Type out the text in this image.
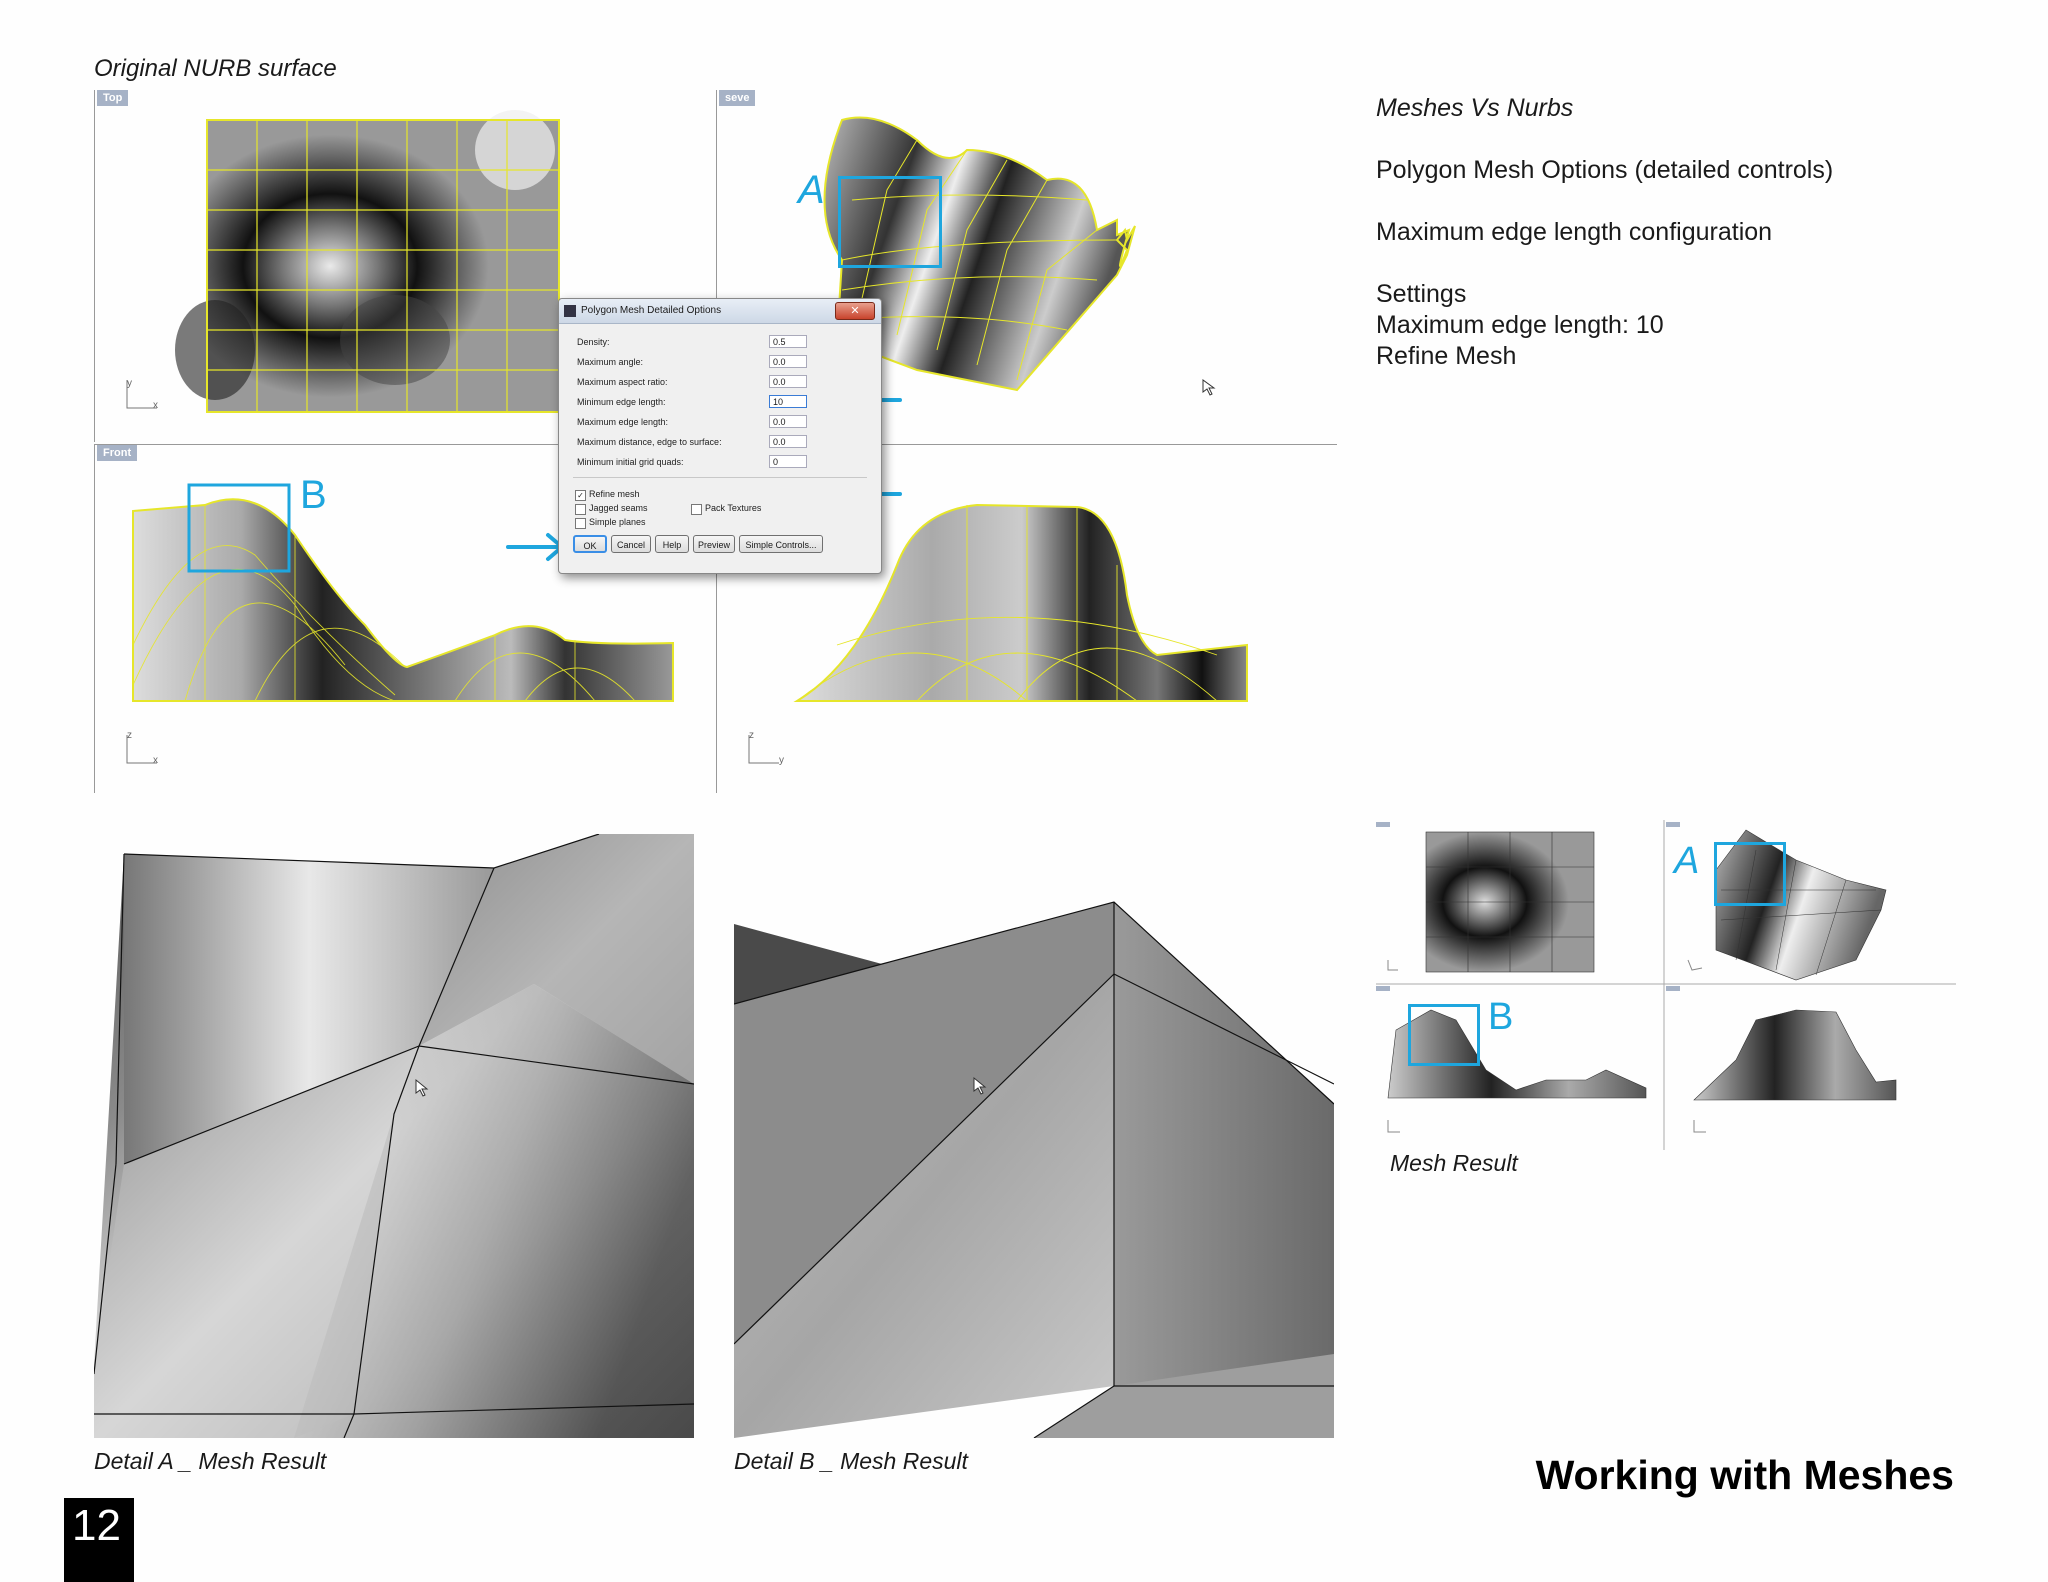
Original NURB surface
Top
y
x
seve
Front
B
z
x
z
y
A
Polygon Mesh Detailed Options	✕
Density:	0.5
Maximum angle:	0.0
Maximum aspect ratio:	0.0
Minimum edge length:	10
Maximum edge length:	0.0
Maximum distance, edge to surface:	0.0
Minimum initial grid quads:	0
✓ Refine mesh
Jagged seams
Simple planes
Pack Textures
OK	Cancel	Help	Preview	Simple Controls...
Meshes Vs Nurbs
Polygon Mesh Options (detailed controls)
Maximum edge length configuration
Settings
Maximum edge length: 10
Refine Mesh
Detail A _ Mesh Result	Detail B _ Mesh Result
A
B
Mesh Result
Working with Meshes
12
